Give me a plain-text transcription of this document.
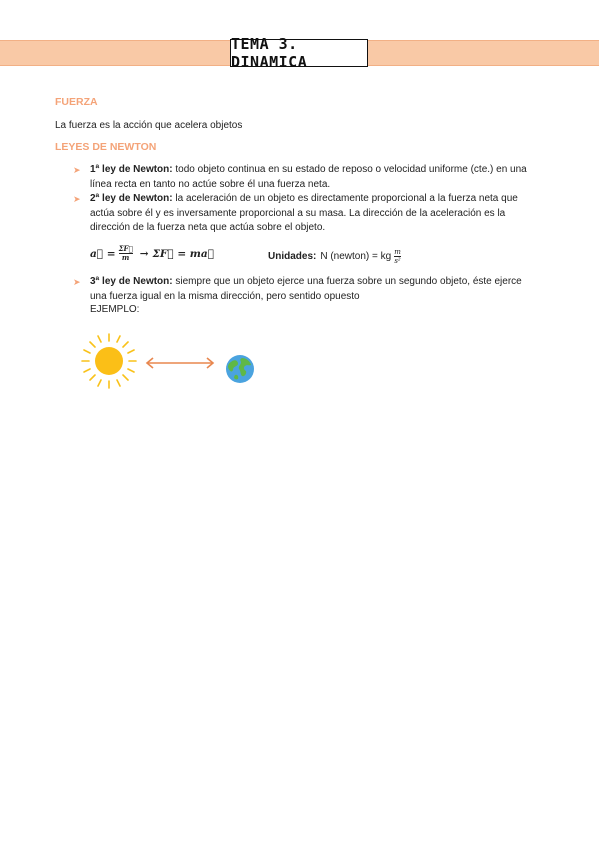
TEMA 3. DINAMICA
FUERZA
La fuerza es la acción que acelera objetos
LEYES DE NEWTON
➤ 1ª ley de Newton: todo objeto continua en su estado de reposo o velocidad uniforme (cte.) en una línea recta en tanto no actúe sobre él una fuerza neta.
➤ 2ª ley de Newton: la aceleración de un objeto es directamente proporcional a la fuerza neta que actúa sobre él y es inversamente proporcional a su masa. La dirección de la aceleración es la dirección de la fuerza neta que actúa sobre el objeto.
a⃗ = $\frac{\Sigma F⃗}{m}$ → ΣF⃗ = ma⃗	Unidades: N (newton) = kg $\frac{m}{\text{s²}}$
➤ 3ª ley de Newton: siempre que un objeto ejerce una fuerza sobre un segundo objeto, éste ejerce una fuerza igual en la misma dirección, pero sentido opuesto
EJEMPLO:
